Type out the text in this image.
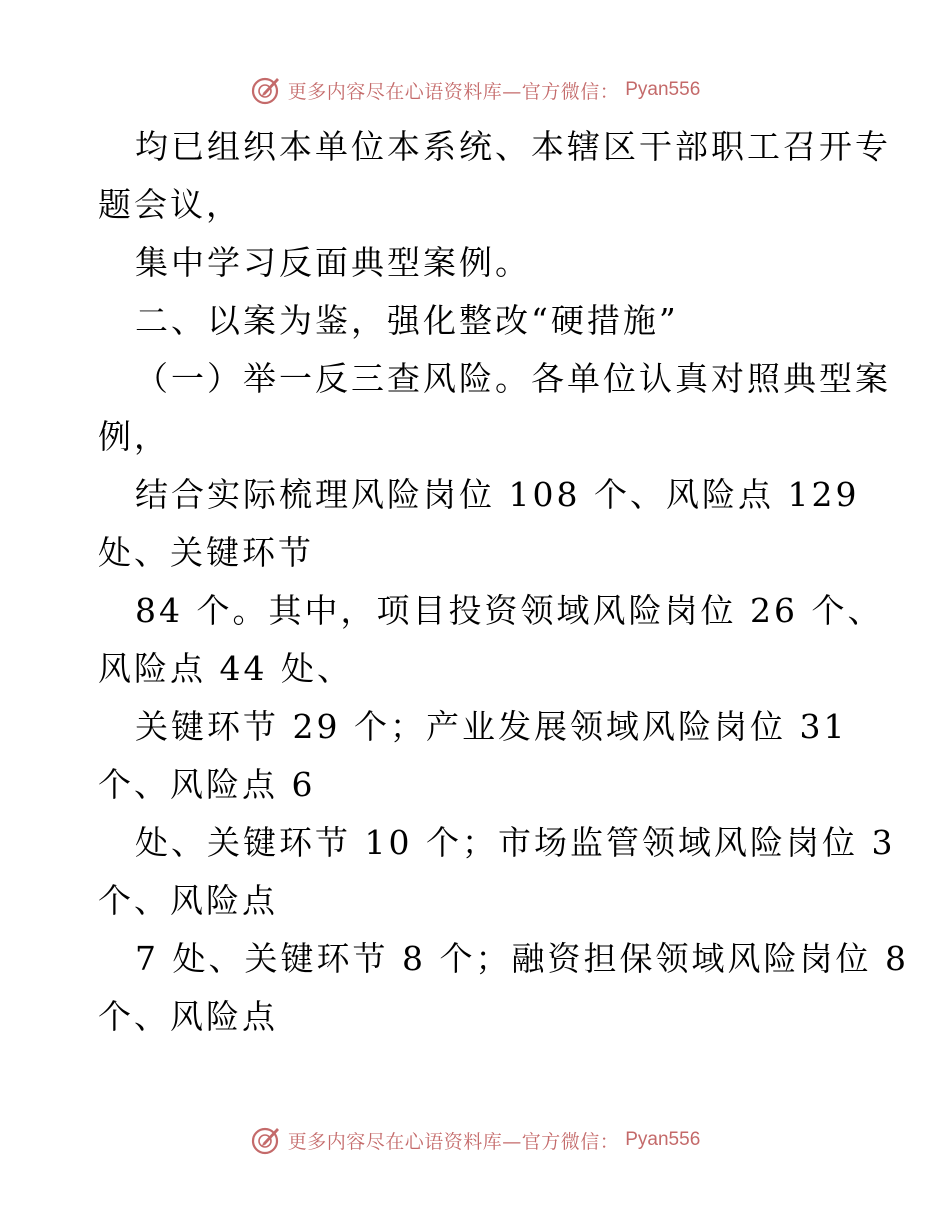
更多内容尽在心语资料库—官方微信： Pyan556
均已组织本单位本系统、本辖区干部职工召开专
题会议，
集中学习反面典型案例。
二、以案为鉴，强化整改“硬措施”
（一）举一反三查风险。各单位认真对照典型案
例，
结合实际梳理风险岗位 108 个、风险点 129
处、关键环节
84 个。其中，项目投资领域风险岗位 26 个、
风险点 44 处、
关键环节 29 个；产业发展领域风险岗位 31
个、风险点 6
处、关键环节 10 个；市场监管领域风险岗位 3
个、风险点
7 处、关键环节 8 个；融资担保领域风险岗位 8
个、风险点
更多内容尽在心语资料库—官方微信： Pyan556
